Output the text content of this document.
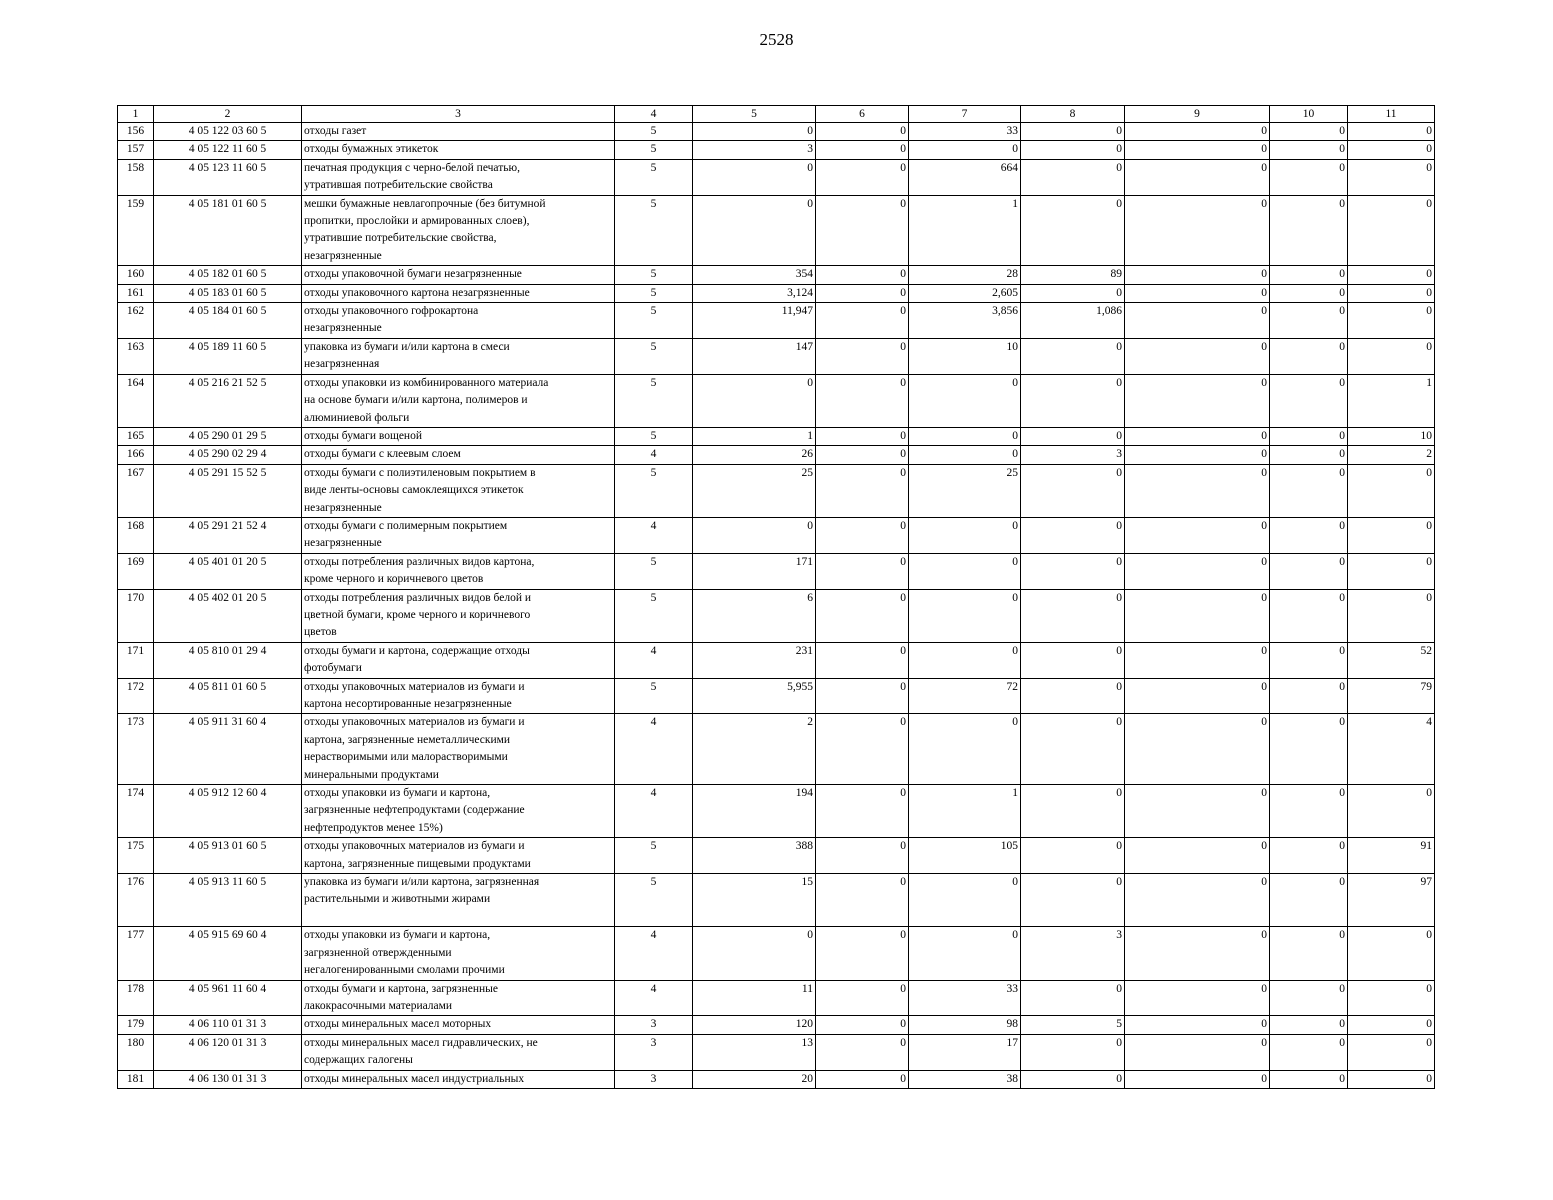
2528
1	2	3	4	5	6	7	8	9	10	11
156	4 05 122 03 60 5	отходы газет	5	0	0	33	0	0	0	0
157	4 05 122 11 60 5	отходы бумажных этикеток	5	3	0	0	0	0	0	0
158	4 05 123 11 60 5	печатная продукция с черно-белой печатью,
утратившая потребительские свойства	5	0	0	664	0	0	0	0
159	4 05 181 01 60 5	мешки бумажные невлагопрочные (без битумной
пропитки, прослойки и армированных слоев),
утратившие потребительские свойства,
незагрязненные	5	0	0	1	0	0	0	0
160	4 05 182 01 60 5	отходы упаковочной бумаги незагрязненные	5	354	0	28	89	0	0	0
161	4 05 183 01 60 5	отходы упаковочного картона незагрязненные	5	3,124	0	2,605	0	0	0	0
162	4 05 184 01 60 5	отходы упаковочного гофрокартона
незагрязненные	5	11,947	0	3,856	1,086	0	0	0
163	4 05 189 11 60 5	упаковка из бумаги и/или картона в смеси
незагрязненная	5	147	0	10	0	0	0	0
164	4 05 216 21 52 5	отходы упаковки из комбинированного материала
на основе бумаги и/или картона, полимеров и
алюминиевой фольги	5	0	0	0	0	0	0	1
165	4 05 290 01 29 5	отходы бумаги вощеной	5	1	0	0	0	0	0	10
166	4 05 290 02 29 4	отходы бумаги с клеевым слоем	4	26	0	0	3	0	0	2
167	4 05 291 15 52 5	отходы бумаги с полиэтиленовым покрытием в
виде ленты-основы самоклеящихся этикеток
незагрязненные	5	25	0	25	0	0	0	0
168	4 05 291 21 52 4	отходы бумаги с полимерным покрытием
незагрязненные	4	0	0	0	0	0	0	0
169	4 05 401 01 20 5	отходы потребления различных видов картона,
кроме черного и коричневого цветов	5	171	0	0	0	0	0	0
170	4 05 402 01 20 5	отходы потребления различных видов белой и
цветной бумаги, кроме черного и коричневого
цветов	5	6	0	0	0	0	0	0
171	4 05 810 01 29 4	отходы бумаги и картона, содержащие отходы
фотобумаги	4	231	0	0	0	0	0	52
172	4 05 811 01 60 5	отходы упаковочных материалов из бумаги и
картона несортированные незагрязненные	5	5,955	0	72	0	0	0	79
173	4 05 911 31 60 4	отходы упаковочных материалов из бумаги и
картона, загрязненные неметаллическими
нерастворимыми или малорастворимыми
минеральными продуктами	4	2	0	0	0	0	0	4
174	4 05 912 12 60 4	отходы упаковки из бумаги и картона,
загрязненные нефтепродуктами (содержание
нефтепродуктов менее 15%)	4	194	0	1	0	0	0	0
175	4 05 913 01 60 5	отходы упаковочных материалов из бумаги и
картона, загрязненные пищевыми продуктами	5	388	0	105	0	0	0	91
176	4 05 913 11 60 5	упаковка из бумаги и/или картона, загрязненная
растительными и животными жирами	5	15	0	0	0	0	0	97
177	4 05 915 69 60 4	отходы упаковки из бумаги и картона,
загрязненной отвержденными
негалогенированными смолами прочими	4	0	0	0	3	0	0	0
178	4 05 961 11 60 4	отходы бумаги и картона, загрязненные
лакокрасочными материалами	4	11	0	33	0	0	0	0
179	4 06 110 01 31 3	отходы минеральных масел моторных	3	120	0	98	5	0	0	0
180	4 06 120 01 31 3	отходы минеральных масел гидравлических, не
содержащих галогены	3	13	0	17	0	0	0	0
181	4 06 130 01 31 3	отходы минеральных масел индустриальных	3	20	0	38	0	0	0	0
